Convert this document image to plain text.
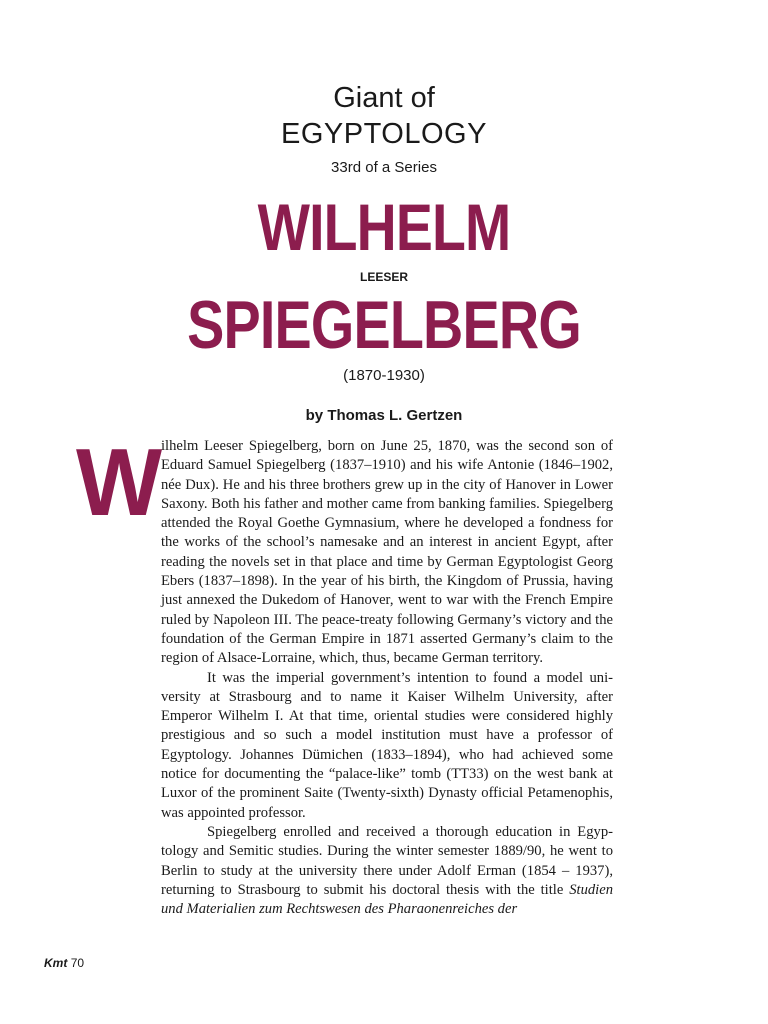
Giant of
EGYPTOLOGY
33rd of a Series
WILHELM
LEESER
SPIEGELBERG
(1870-1930)
by Thomas L. Gertzen
W

ilhelm Leeser Spiegelberg, born on June 25, 1870, was the second son of Eduard Samuel Spiegelberg (1837–1910) and his wife Antonie (1846–1902, née Dux). He and his three brothers grew up in the city of Hanover in Lower Saxony. Both his father and mother came from banking families. Spiegelberg attended the Royal Goethe Gymnasium, where he developed a fondness for the works of the school’s namesake and an interest in ancient Egypt, after reading the novels set in that place and time by German Egyptologist Georg Ebers (1837–1898). In the year of his birth, the Kingdom of Prussia, having just annexed the Dukedom of Hanover, went to war with the French Empire ruled by Napoleon III. The peace-treaty following Germany’s victory and the foundation of the German Empire in 1871 asserted Germany’s claim to the region of Alsace-Lorraine, which, thus, became German territory.

It was the imperial government’s intention to found a model university at Strasbourg and to name it Kaiser Wilhelm University, after Emperor Wilhelm I. At that time, oriental studies were considered highly prestigious and so such a model institution must have a professor of Egyptology. Johannes Dümichen (1833–1894), who had achieved some notice for documenting the “palace-like” tomb (TT33) on the west bank at Luxor of the prominent Saite (Twenty-sixth) Dynasty official Petamenophis, was appointed professor.

Spiegelberg enrolled and received a thorough education in Egyptology and Semitic studies. During the winter semester 1889/90, he went to Berlin to study at the university there under Adolf Erman (1854 – 1937), returning to Strasbourg to submit his doctoral thesis with the title Studien und Materialien zum Rechtswesen des Pharaonenreiches der

Kmt 70
